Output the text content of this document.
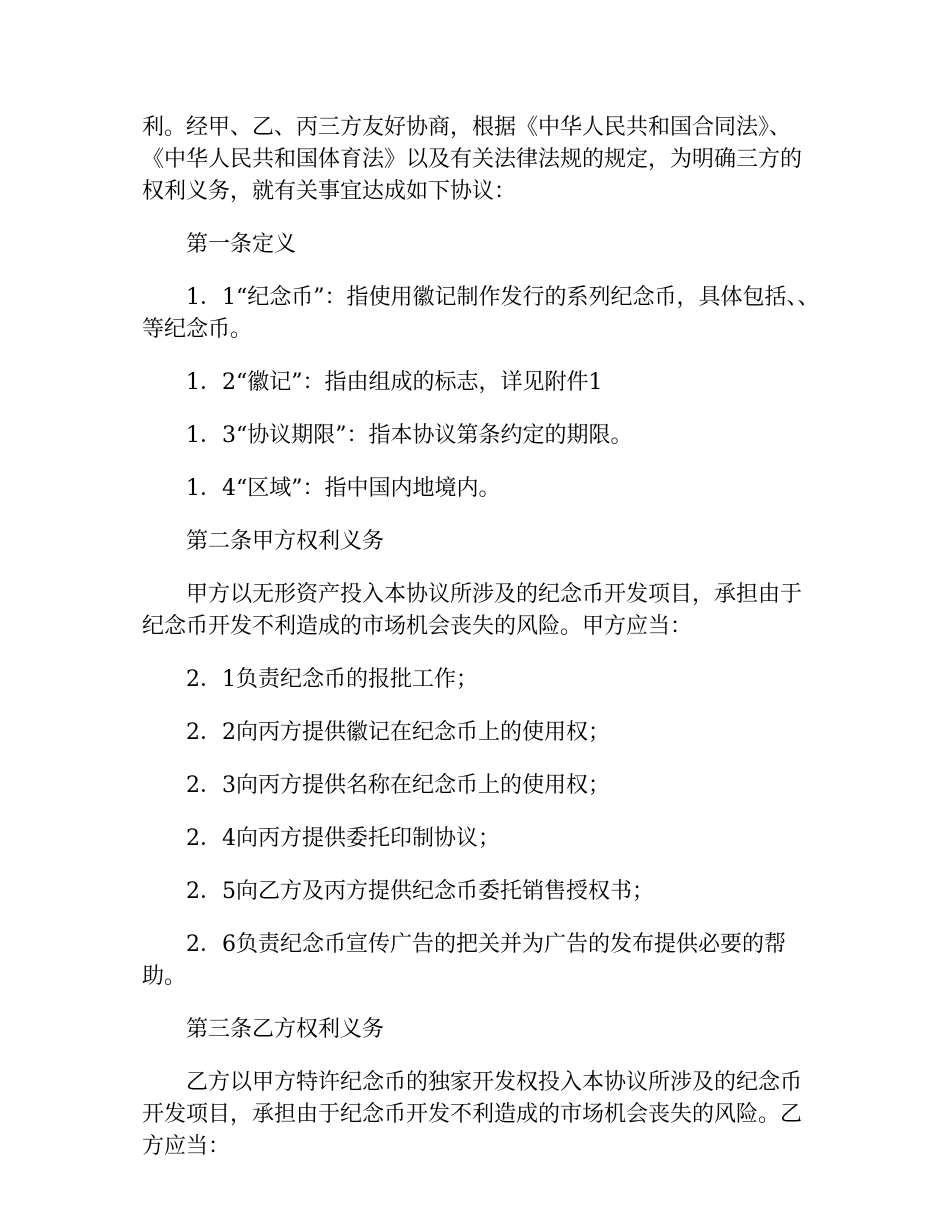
利。经甲、乙、丙三方友好协商，根据《中华人民共和国合同法》、《中华人民共和国体育法》以及有关法律法规的规定，为明确三方的权利义务，就有关事宜达成如下协议：

第一条定义

1．1“纪念币”：指使用徽记制作发行的系列纪念币，具体包括、、等纪念币。

1．2“徽记”：指由组成的标志，详见附件1

1．3“协议期限”：指本协议第条约定的期限。

1．4“区域”：指中国内地境内。

第二条甲方权利义务

甲方以无形资产投入本协议所涉及的纪念币开发项目，承担由于纪念币开发不利造成的市场机会丧失的风险。甲方应当：

2．1负责纪念币的报批工作；

2．2向丙方提供徽记在纪念币上的使用权；

2．3向丙方提供名称在纪念币上的使用权；

2．4向丙方提供委托印制协议；

2．5向乙方及丙方提供纪念币委托销售授权书；

2．6负责纪念币宣传广告的把关并为广告的发布提供必要的帮助。

第三条乙方权利义务

乙方以甲方特许纪念币的独家开发权投入本协议所涉及的纪念币开发项目，承担由于纪念币开发不利造成的市场机会丧失的风险。乙方应当：
